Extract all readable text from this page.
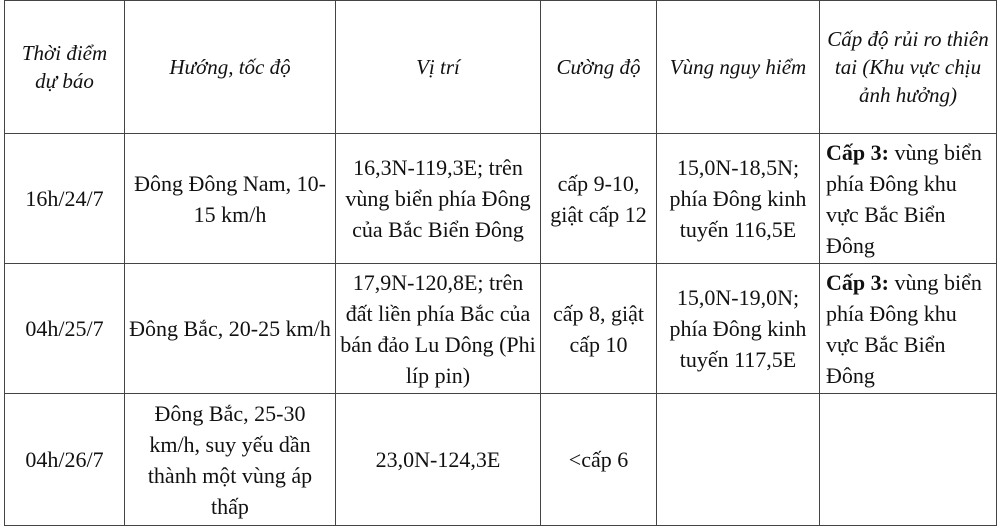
Thời điểm dự báo	Hướng, tốc độ	Vị trí	Cường độ	Vùng nguy hiểm	Cấp độ rủi ro thiên tai (Khu vực chịu ảnh hưởng)
16h/24/7	Đông Đông Nam, 10-15 km/h	16,3N-119,3E; trên vùng biển phía Đông của Bắc Biển Đông	cấp 9-10, giật cấp 12	15,0N-18,5N; phía Đông kinh tuyến 116,5E	Cấp 3: vùng biển phía Đông khu vực Bắc Biển Đông
04h/25/7	Đông Bắc, 20-25 km/h	17,9N-120,8E; trên đất liền phía Bắc của bán đảo Lu Dông (Phi líp pin)	cấp 8, giật cấp 10	15,0N-19,0N; phía Đông kinh tuyến 117,5E	Cấp 3: vùng biển phía Đông khu vực Bắc Biển Đông
04h/26/7	Đông Bắc, 25-30 km/h, suy yếu dần thành một vùng áp thấp	23,0N-124,3E	<cấp 6		
